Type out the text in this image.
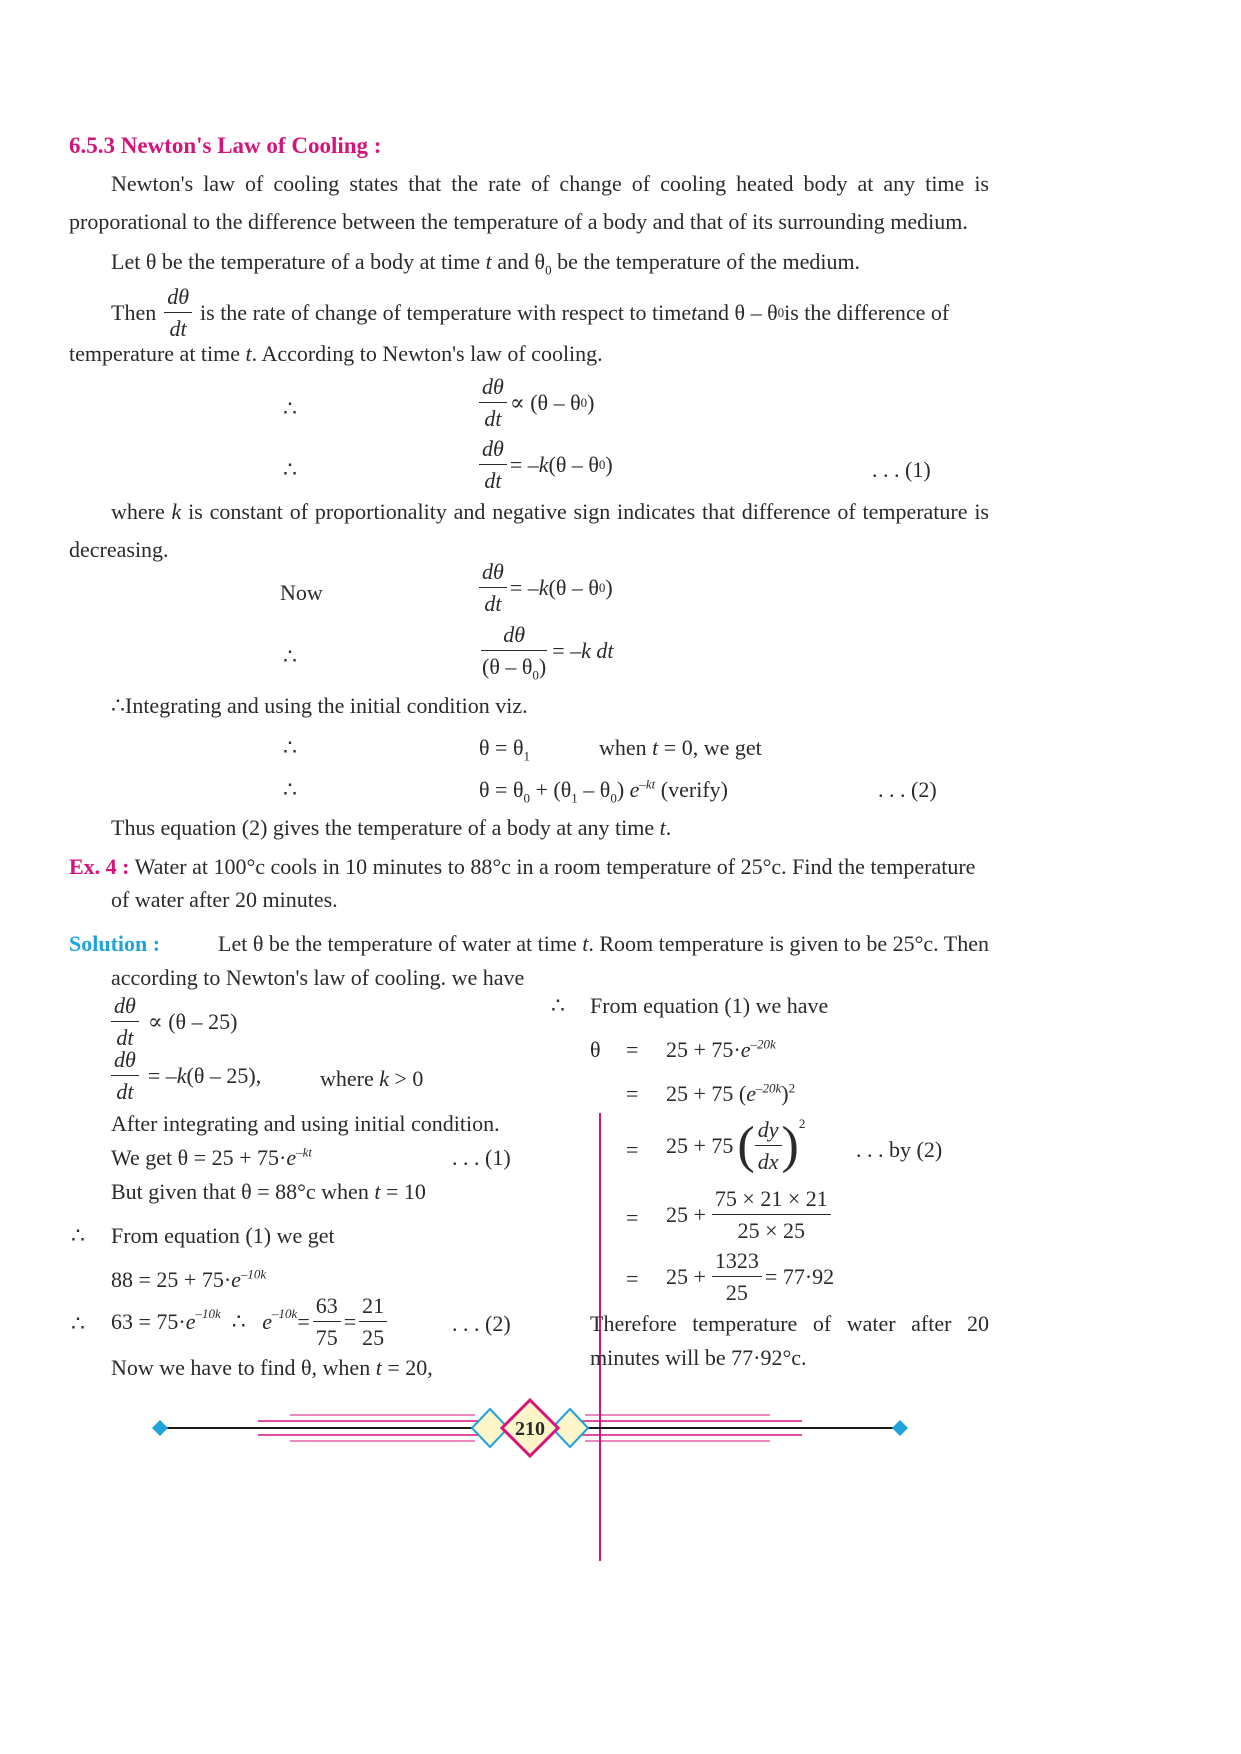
6.5.3 Newton's Law of Cooling :
Newton's law of cooling states that the rate of change of cooling heated body at any time is proporational to the difference between the temperature of a body and that of its surrounding medium.
Let θ be the temperature of a body at time t and $\theta_0$ be the temperature of the medium.
Then $\frac{d\theta}{dt}$ is the rate of change of temperature with respect to time t and θ – θ 0 is the difference of
temperature at time t. According to Newton's law of cooling.
∴	$\frac{d\theta}{dt} \propto (\theta - \theta$ 0 )
∴	$\frac{d\theta}{dt}$ = – k (θ – θ 0 )	. . . (1)
where k is constant of proportionality and negative sign indicates that difference of temperature is decreasing.
Now	$\frac{d\theta}{dt}$ = – k (θ – θ 0 )
∴	$\frac{d\theta}{(\theta - \theta_0)}$ = – k dt
∴Integrating and using the initial condition viz.
∴	$\theta = \theta_1$	when t = 0, we get
∴	$\theta = \theta_0 + (\theta_1 - \theta_0)$ $e^{-kt}$ (verify)	. . . (2)
Thus equation (2) gives the temperature of a body at any time t.
Ex. 4 : Water at 100°c cools in 10 minutes to 88°c in a room temperature of 25°c. Find the temperature
of water after 20 minutes.
Solution :	Let θ be the temperature of water at time t. Room temperature is given to be 25°c. Then
according to Newton's law of cooling. we have
$\frac{d\theta}{dt} \propto (\theta - 25)$
$\frac{d\theta}{dt}$ = – k (θ – 25),	where k > 0
After integrating and using initial condition.
We get $\theta = 25 + 75\cdot e^{-kt}$	. . . (1)
But given that θ = 88°c when t = 10
∴ From equation (1) we get
$88 = 25 + 75\cdot e^{-10k}$
∴ $63 = 75\cdot e^{-10k}$ ∴ $e^{-10k} = \frac{63}{75} = \frac{21}{25}$	. . . (2)
Now we have to find θ, when t = 20,
∴ From equation (1) we have
$\theta = 25 + 75\cdot e^{-20k}$
= 25 + 75 $(e^{-20k})^2$
= 25 + 75 ( $\frac{dy}{dx} )^2$
. . . by (2)
= $25 + \frac{75 \times 21 \times 21}{25 \times 25}$
= $25 + \frac{1323}{25} = 77\cdot 92$
Therefore temperature of water after 20
minutes will be 77·92°c.
210
